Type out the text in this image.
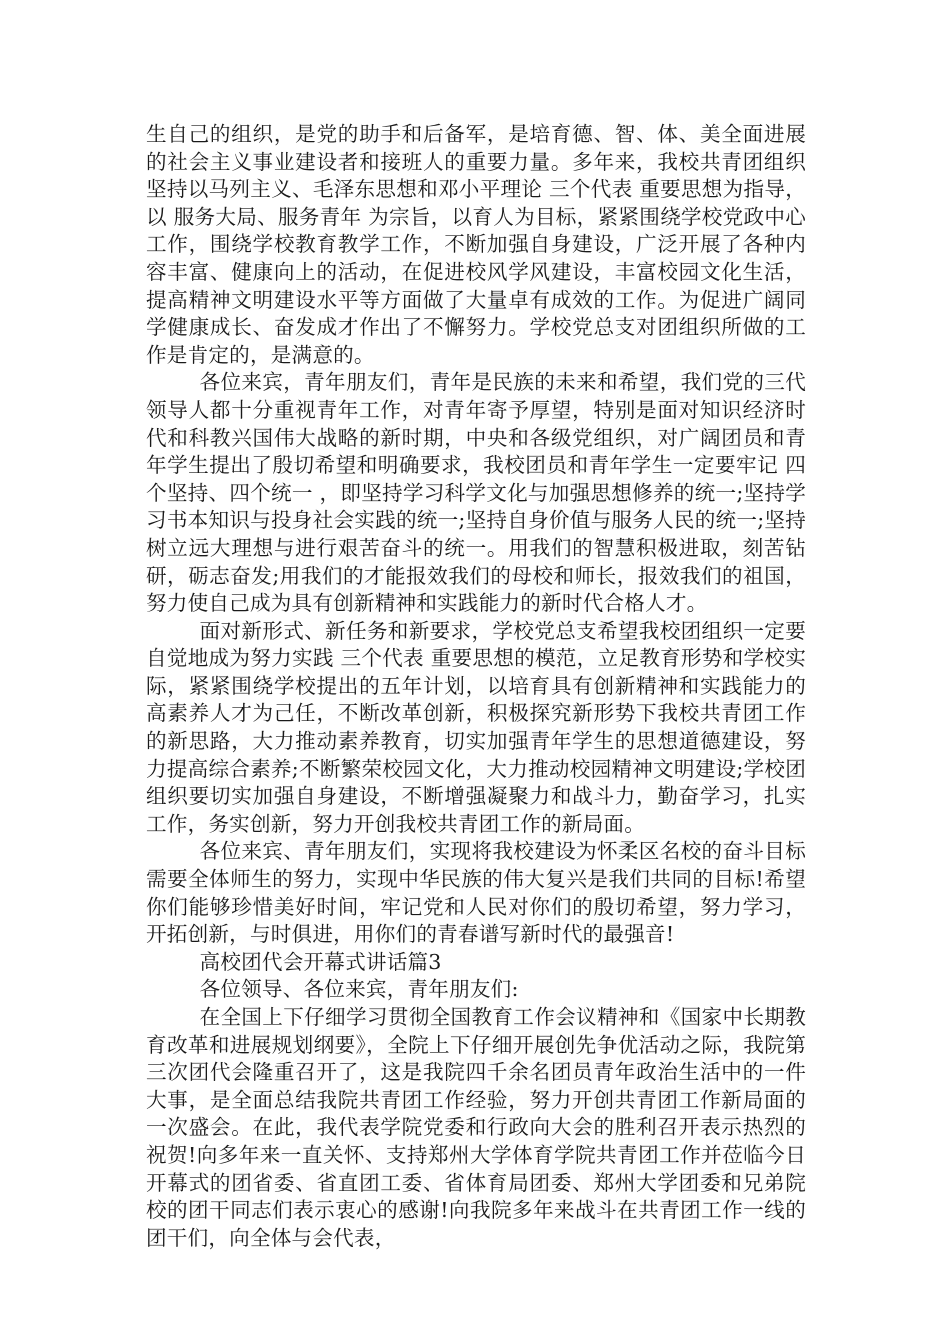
生自己的组织，是党的助手和后备军，是培育德、智、体、美全面进展的社会主义事业建设者和接班人的重要力量。多年来，我校共青团组织坚持以马列主义、毛泽东思想和邓小平理论 三个代表 重要思想为指导，以 服务大局、服务青年 为宗旨，以育人为目标，紧紧围绕学校党政中心工作，围绕学校教育教学工作，不断加强自身建设，广泛开展了各种内容丰富、健康向上的活动，在促进校风学风建设，丰富校园文化生活，提高精神文明建设水平等方面做了大量卓有成效的工作。为促进广阔同学健康成长、奋发成才作出了不懈努力。学校党总支对团组织所做的工作是肯定的，是满意的。

各位来宾，青年朋友们，青年是民族的未来和希望，我们党的三代领导人都十分重视青年工作，对青年寄予厚望，特别是面对知识经济时代和科教兴国伟大战略的新时期，中央和各级党组织，对广阔团员和青年学生提出了殷切希望和明确要求，我校团员和青年学生一定要牢记 四个坚持、四个统一 ，即坚持学习科学文化与加强思想修养的统一;坚持学习书本知识与投身社会实践的统一;坚持自身价值与服务人民的统一;坚持树立远大理想与进行艰苦奋斗的统一。用我们的智慧积极进取，刻苦钻研，砺志奋发;用我们的才能报效我们的母校和师长，报效我们的祖国，努力使自己成为具有创新精神和实践能力的新时代合格人才。

面对新形式、新任务和新要求，学校党总支希望我校团组织一定要自觉地成为努力实践 三个代表 重要思想的模范，立足教育形势和学校实际，紧紧围绕学校提出的五年计划，以培育具有创新精神和实践能力的高素养人才为己任，不断改革创新，积极探究新形势下我校共青团工作的新思路，大力推动素养教育，切实加强青年学生的思想道德建设，努力提高综合素养;不断繁荣校园文化，大力推动校园精神文明建设;学校团组织要切实加强自身建设，不断增强凝聚力和战斗力，勤奋学习，扎实工作，务实创新，努力开创我校共青团工作的新局面。

各位来宾、青年朋友们，实现将我校建设为怀柔区名校的奋斗目标需要全体师生的努力，实现中华民族的伟大复兴是我们共同的目标!希望你们能够珍惜美好时间，牢记党和人民对你们的殷切希望，努力学习，开拓创新，与时俱进，用你们的青春谱写新时代的最强音!

高校团代会开幕式讲话篇3

各位领导、各位来宾，青年朋友们:

在全国上下仔细学习贯彻全国教育工作会议精神和《国家中长期教育改革和进展规划纲要》，全院上下仔细开展创先争优活动之际，我院第三次团代会隆重召开了，这是我院四千余名团员青年政治生活中的一件大事，是全面总结我院共青团工作经验，努力开创共青团工作新局面的一次盛会。在此，我代表学院党委和行政向大会的胜利召开表示热烈的祝贺!向多年来一直关怀、支持郑州大学体育学院共青团工作并莅临今日开幕式的团省委、省直团工委、省体育局团委、郑州大学团委和兄弟院校的团干同志们表示衷心的感谢!向我院多年来战斗在共青团工作一线的团干们，向全体与会代表，
